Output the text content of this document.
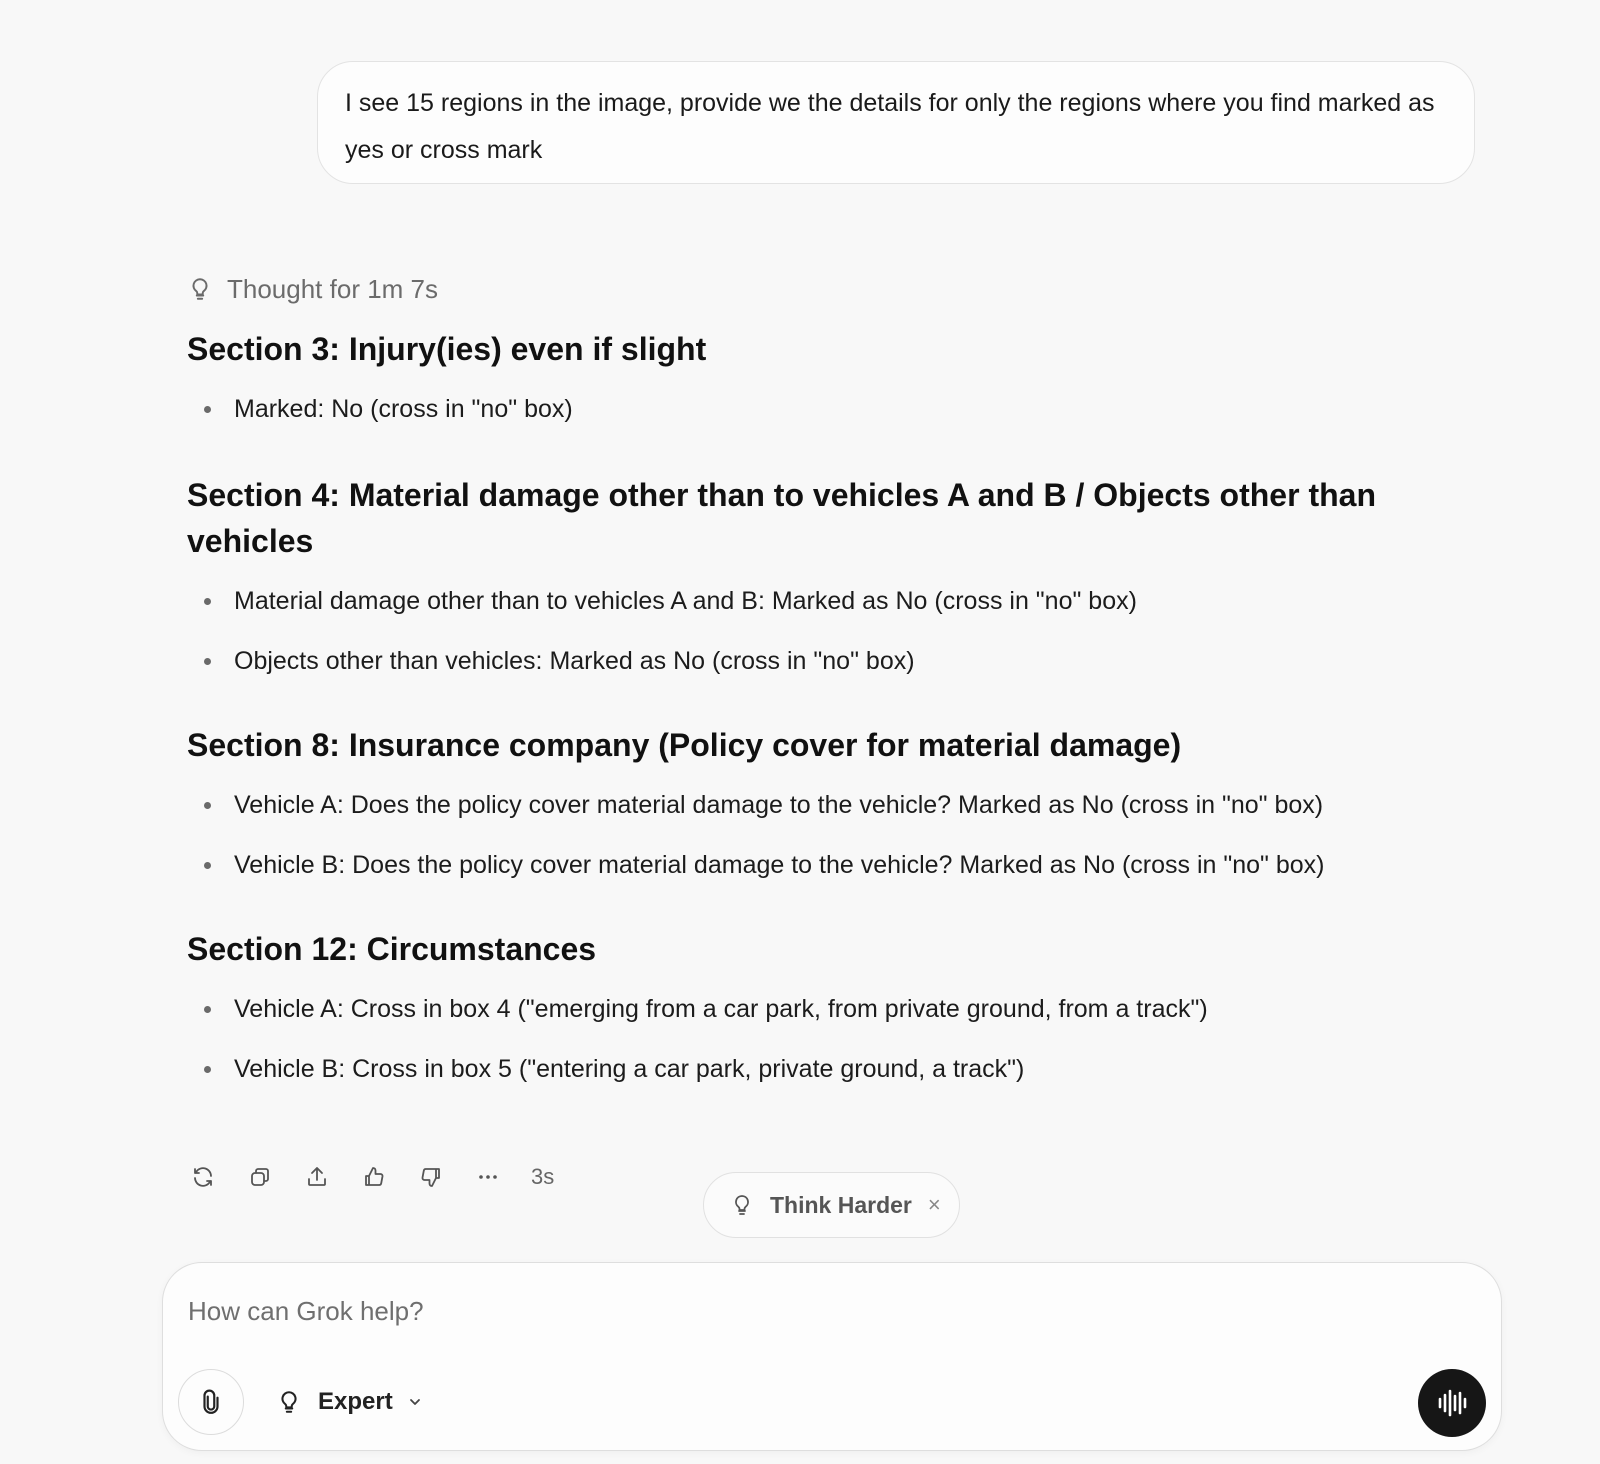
I see 15 regions in the image, provide we the details for only the regions where you find marked as yes or cross mark
Thought for 1m 7s
Section 3: Injury(ies) even if slight
Marked: No (cross in "no" box)
Section 4: Material damage other than to vehicles A and B / Objects other than vehicles
Material damage other than to vehicles A and B: Marked as No (cross in "no" box)
Objects other than vehicles: Marked as No (cross in "no" box)
Section 8: Insurance company (Policy cover for material damage)
Vehicle A: Does the policy cover material damage to the vehicle? Marked as No (cross in "no" box)
Vehicle B: Does the policy cover material damage to the vehicle? Marked as No (cross in "no" box)
Section 12: Circumstances
Vehicle A: Cross in box 4 ("emerging from a car park, from private ground, from a track")
Vehicle B: Cross in box 5 ("entering a car park, private ground, a track")
3s
Think Harder ×
How can Grok help?
Expert
